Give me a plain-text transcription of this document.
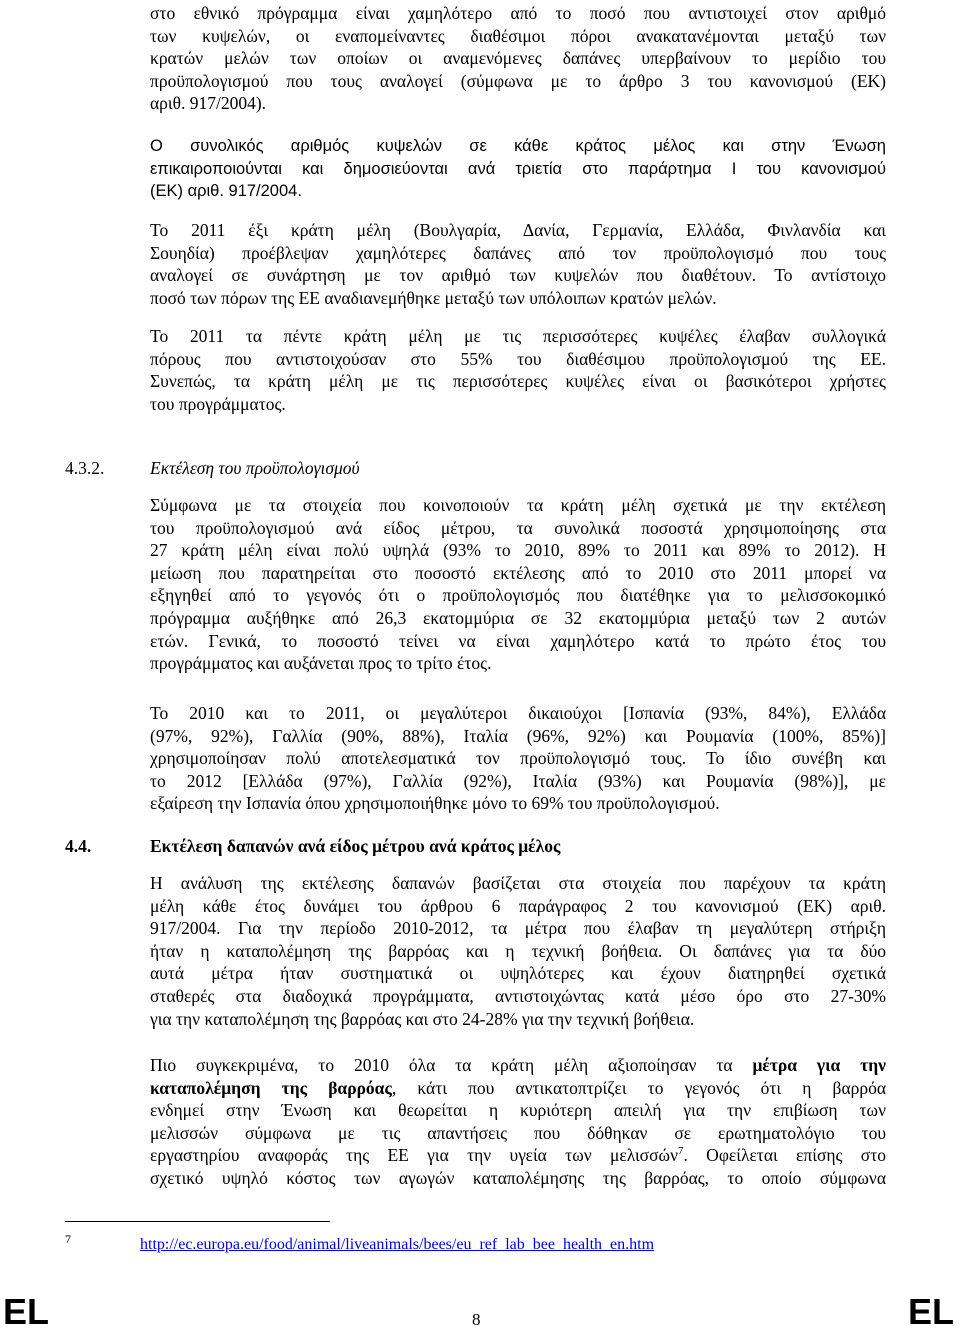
στο εθνικό πρόγραμμα είναι χαμηλότερο από το ποσό που αντιστοιχεί στον αριθμό
των κυψελών, οι εναπομείναντες διαθέσιμοι πόροι ανακατανέμονται μεταξύ των
κρατών μελών των οποίων οι αναμενόμενες δαπάνες υπερβαίνουν το μερίδιο του
προϋπολογισμού που τους αναλογεί (σύμφωνα με το άρθρο 3 του κανονισμού (ΕΚ)
αριθ. 917/2004).
Ο συνολικός αριθμός κυψελών σε κάθε κράτος μέλος και στην Ένωση
επικαιροποιούνται και δημοσιεύονται ανά τριετία στο παράρτημα Ι του κανονισμού
(ΕΚ) αριθ. 917/2004.
Το 2011 έξι κράτη μέλη (Βουλγαρία, Δανία, Γερμανία, Ελλάδα, Φινλανδία και
Σουηδία) προέβλεψαν χαμηλότερες δαπάνες από τον προϋπολογισμό που τους
αναλογεί σε συνάρτηση με τον αριθμό των κυψελών που διαθέτουν. Το αντίστοιχο
ποσό των πόρων της ΕΕ αναδιανεμήθηκε μεταξύ των υπόλοιπων κρατών μελών.
Το 2011 τα πέντε κράτη μέλη με τις περισσότερες κυψέλες έλαβαν συλλογικά
πόρους που αντιστοιχούσαν στο 55% του διαθέσιμου προϋπολογισμού της ΕΕ.
Συνεπώς, τα κράτη μέλη με τις περισσότερες κυψέλες είναι οι βασικότεροι χρήστες
του προγράμματος.
4.3.2.	Εκτέλεση του προϋπολογισμού
Σύμφωνα με τα στοιχεία που κοινοποιούν τα κράτη μέλη σχετικά με την εκτέλεση
του προϋπολογισμού ανά είδος μέτρου, τα συνολικά ποσοστά χρησιμοποίησης στα
27 κράτη μέλη είναι πολύ υψηλά (93% το 2010, 89% το 2011 και 89% το 2012). Η
μείωση που παρατηρείται στο ποσοστό εκτέλεσης από το 2010 στο 2011 μπορεί να
εξηγηθεί από το γεγονός ότι ο προϋπολογισμός που διατέθηκε για το μελισσοκομικό
πρόγραμμα αυξήθηκε από 26,3 εκατομμύρια σε 32 εκατομμύρια μεταξύ των 2 αυτών
ετών. Γενικά, το ποσοστό τείνει να είναι χαμηλότερο κατά το πρώτο έτος του
προγράμματος και αυξάνεται προς το τρίτο έτος.
Το 2010 και το 2011, οι μεγαλύτεροι δικαιούχοι [Ισπανία (93%, 84%), Ελλάδα
(97%, 92%), Γαλλία (90%, 88%), Ιταλία (96%, 92%) και Ρουμανία (100%, 85%)]
χρησιμοποίησαν πολύ αποτελεσματικά τον προϋπολογισμό τους. Το ίδιο συνέβη και
το 2012 [Ελλάδα (97%), Γαλλία (92%), Ιταλία (93%) και Ρουμανία (98%)], με
εξαίρεση την Ισπανία όπου χρησιμοποιήθηκε μόνο το 69% του προϋπολογισμού.
4.4.	Εκτέλεση δαπανών ανά είδος μέτρου ανά κράτος μέλος
Η ανάλυση της εκτέλεσης δαπανών βασίζεται στα στοιχεία που παρέχουν τα κράτη
μέλη κάθε έτος δυνάμει του άρθρου 6 παράγραφος 2 του κανονισμού (ΕΚ) αριθ.
917/2004. Για την περίοδο 2010-2012, τα μέτρα που έλαβαν τη μεγαλύτερη στήριξη
ήταν η καταπολέμηση της βαρρόας και η τεχνική βοήθεια. Οι δαπάνες για τα δύο
αυτά μέτρα ήταν συστηματικά οι υψηλότερες και έχουν διατηρηθεί σχετικά
σταθερές στα διαδοχικά προγράμματα, αντιστοιχώντας κατά μέσο όρο στο 27-30%
για την καταπολέμηση της βαρρόας και στο 24-28% για την τεχνική βοήθεια.
Πιο συγκεκριμένα, το 2010 όλα τα κράτη μέλη αξιοποίησαν τα μέτρα για την
καταπολέμηση της βαρρόας, κάτι που αντικατοπτρίζει το γεγονός ότι η βαρρόα
ενδημεί στην Ένωση και θεωρείται η κυριότερη απειλή για την επιβίωση των
μελισσών σύμφωνα με τις απαντήσεις που δόθηκαν σε ερωτηματολόγιο του
εργαστηρίου αναφοράς της ΕΕ για την υγεία των μελισσών$^7$. Οφείλεται επίσης στο
σχετικό υψηλό κόστος των αγωγών καταπολέμησης της βαρρόας, το οποίο σύμφωνα
7	http://ec.europa.eu/food/animal/liveanimals/bees/eu_ref_lab_bee_health_en.htm
EL	8	EL
